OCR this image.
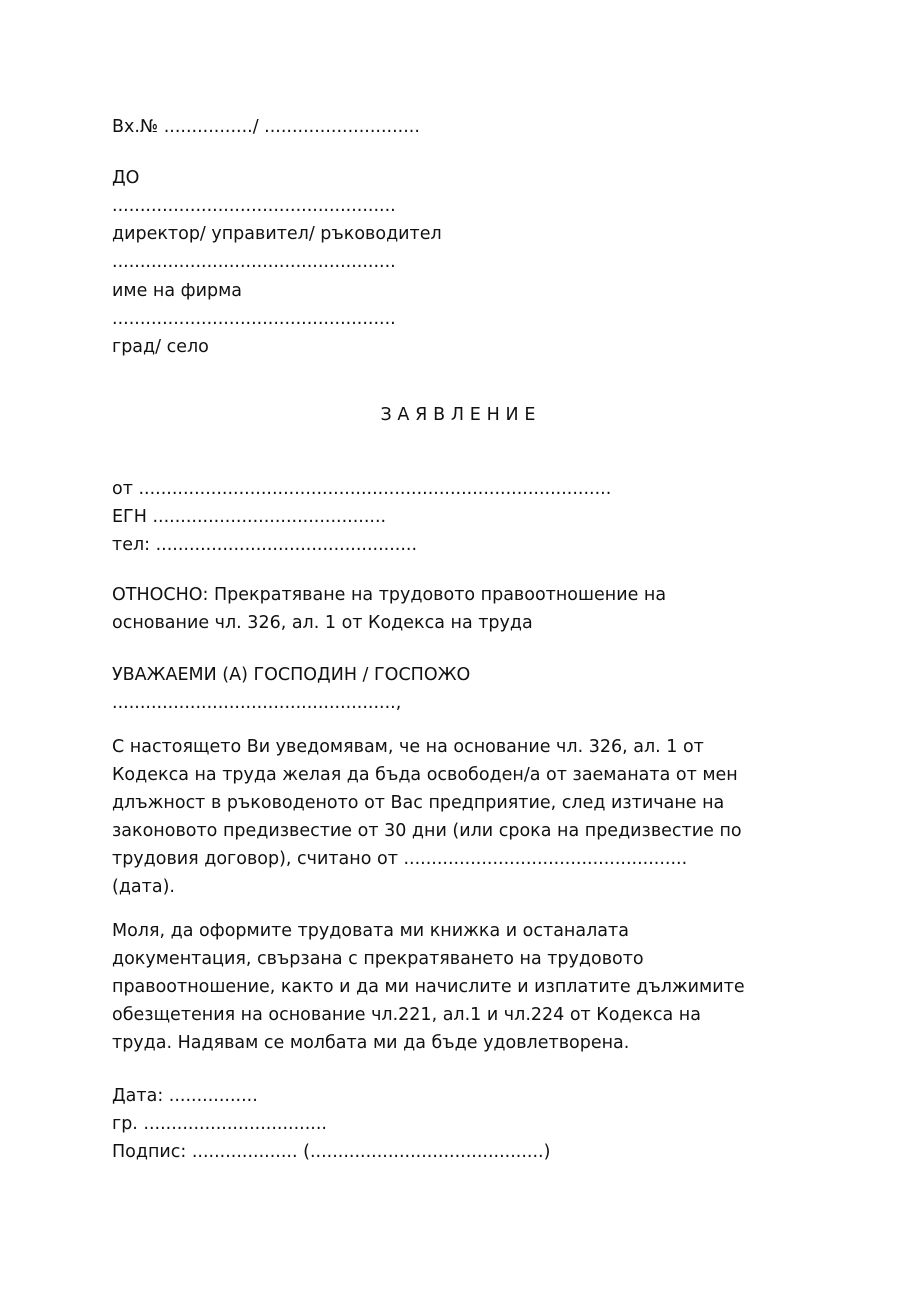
Вх.№ ................/ ............................
ДО
...................................................
директор/ управител/ ръководител
...................................................
име на фирма
...................................................
град/ село
З А Я В Л Е Н И Е
от .....................................................................................
ЕГН ..........................................
тел: ...............................................
ОТНОСНО: Прекратяване на трудовото правоотношение на
основание чл. 326, ал. 1 от Кодекса на труда
УВАЖАЕМИ (А) ГОСПОДИН / ГОСПОЖО
...................................................,
С настоящето Ви уведомявам, че на основание чл. 326, ал. 1 от
Кодекса на труда желая да бъда освободен/а от заеманата от мен
длъжност в ръководеното от Вас предприятие, след изтичане на
законовото предизвестие от 30 дни (или срока на предизвестие по
трудовия договор), считано от ...................................................
(дата).
Моля, да оформите трудовата ми книжка и останалата
документация, свързана с прекратяването на трудовото
правоотношение, както и да ми начислите и изплатите дължимите
обезщетения на основание чл.221, ал.1 и чл.224 от Кодекса на
труда. Надявам се молбата ми да бъде удовлетворена.
Дата: ................
гр. .................................
Подпис: ................... (..........................................)
